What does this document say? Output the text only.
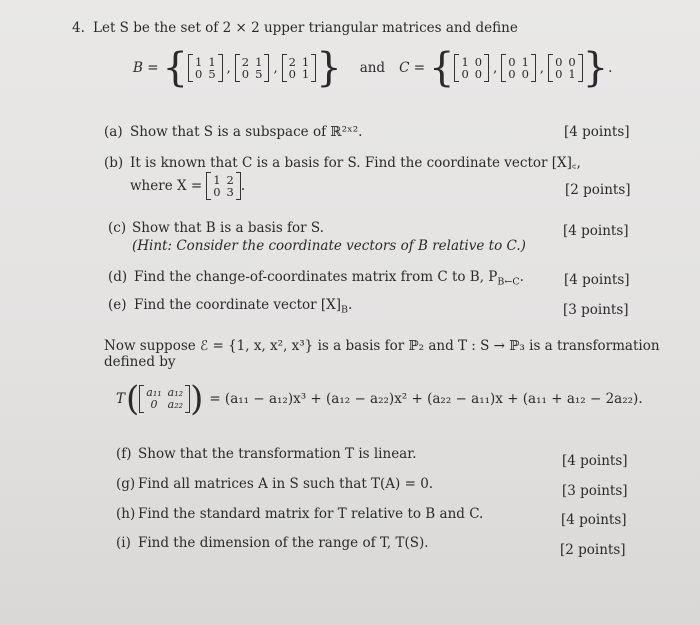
4. Let S be the set of 2 × 2 upper triangular matrices and define
B = { 1 1
0 5 , 2 1
0 5 , 2 1
0 1 } and C = { 1 0
0 0 , 0 1
0 0 , 0 0
0 1 } .
(a) Show that S is a subspace of ℝ²ˣ².	[4 points]
(b) It is known that C is a basis for S. Find the coordinate vector [X]꜀,
where X = 1 2
0 3 .	[2 points]
(c) Show that B is a basis for S.
(Hint: Consider the coordinate vectors of B relative to C.)
[4 points]
(d) Find the change-of-coordinates matrix from C to B, $P_{B\leftarrow C}$.	[4 points]
(e) Find the coordinate vector $[X]_B$.	[3 points]
Now suppose ℰ = {1, x, x², x³} is a basis for ℙ₂ and T : S → ℙ₃ is a transformation
defined by
T ( a₁₁ a₁₂
0 a₂₂ ) = (a₁₁ − a₁₂)x³ + (a₁₂ − a₂₂)x² + (a₂₂ − a₁₁)x + (a₁₁ + a₁₂ − 2a₂₂).
(f) Show that the transformation T is linear.	[4 points]
(g) Find all matrices A in S such that T(A) = 0.	[3 points]
(h) Find the standard matrix for T relative to B and C.	[4 points]
(i) Find the dimension of the range of T, T(S).	[2 points]
